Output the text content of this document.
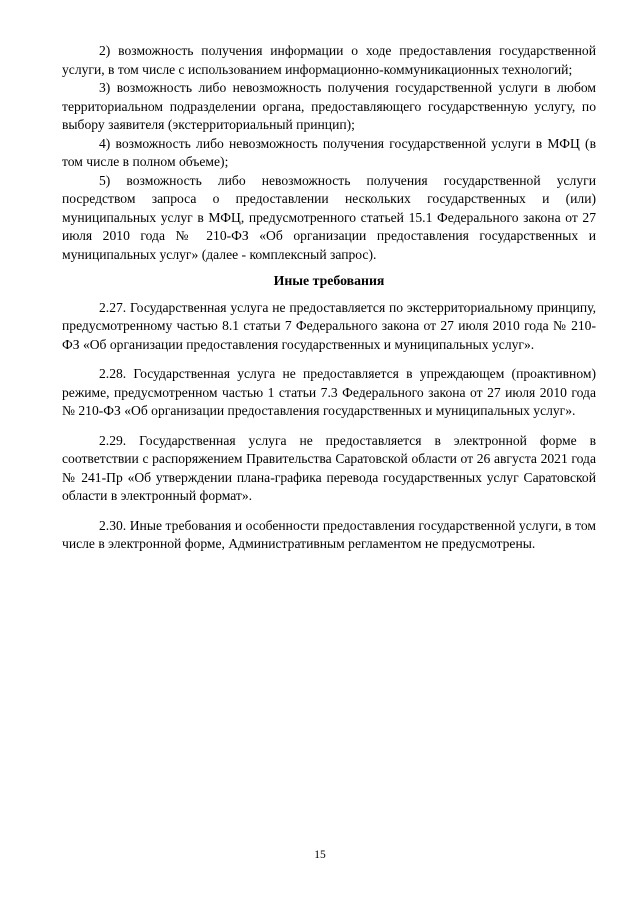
2) возможность получения информации о ходе предоставления государственной услуги, в том числе с использованием информационно-коммуникационных технологий;

3) возможность либо невозможность получения государственной услуги в любом территориальном подразделении органа, предоставляющего государственную услугу, по выбору заявителя (экстерриториальный принцип);

4) возможность либо невозможность получения государственной услуги в МФЦ (в том числе в полном объеме);

5) возможность либо невозможность получения государственной услуги посредством запроса о предоставлении нескольких государственных и (или) муниципальных услуг в МФЦ, предусмотренного статьей 15.1 Федерального закона от 27 июля 2010 года № 210-ФЗ «Об организации предоставления государственных и муниципальных услуг» (далее - комплексный запрос).

Иные требования

2.27. Государственная услуга не предоставляется по экстерриториальному принципу, предусмотренному частью 8.1 статьи 7 Федерального закона от 27 июля 2010 года № 210-ФЗ «Об организации предоставления государственных и муниципальных услуг».

2.28. Государственная услуга не предоставляется в упреждающем (проактивном) режиме, предусмотренном частью 1 статьи 7.3 Федерального закона от 27 июля 2010 года № 210-ФЗ «Об организации предоставления государственных и муниципальных услуг».

2.29. Государственная услуга не предоставляется в электронной форме в соответствии с распоряжением Правительства Саратовской области от 26 августа 2021 года № 241-Пр «Об утверждении плана-графика перевода государственных услуг Саратовской области в электронный формат».

2.30. Иные требования и особенности предоставления государственной услуги, в том числе в электронной форме, Административным регламентом не предусмотрены.

15
